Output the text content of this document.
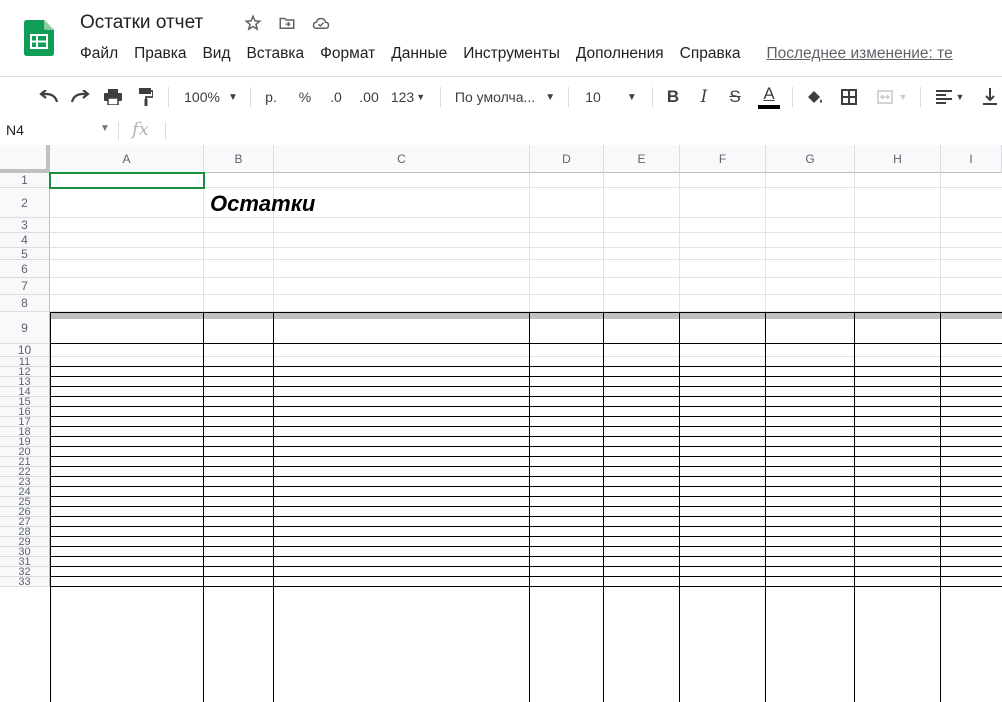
Остатки отчет
Файл Правка Вид Вставка Формат Данные Инструменты Дополнения Справка Последнее изменение: те
100% ▼	р.	%	.0	.00 123 ▼ По умолча... ▼ 10	▼ B	I	S	A	▼	▼
N4	▼ fx
A	B	C	D	E	F	G	H	I
1
2
3
4
5
6
7
8
9
10
11
12
13
14
15
16
17
18
19
20
21
22
23
24
25
26
27
28
29
30
31
32
33
Остатки
